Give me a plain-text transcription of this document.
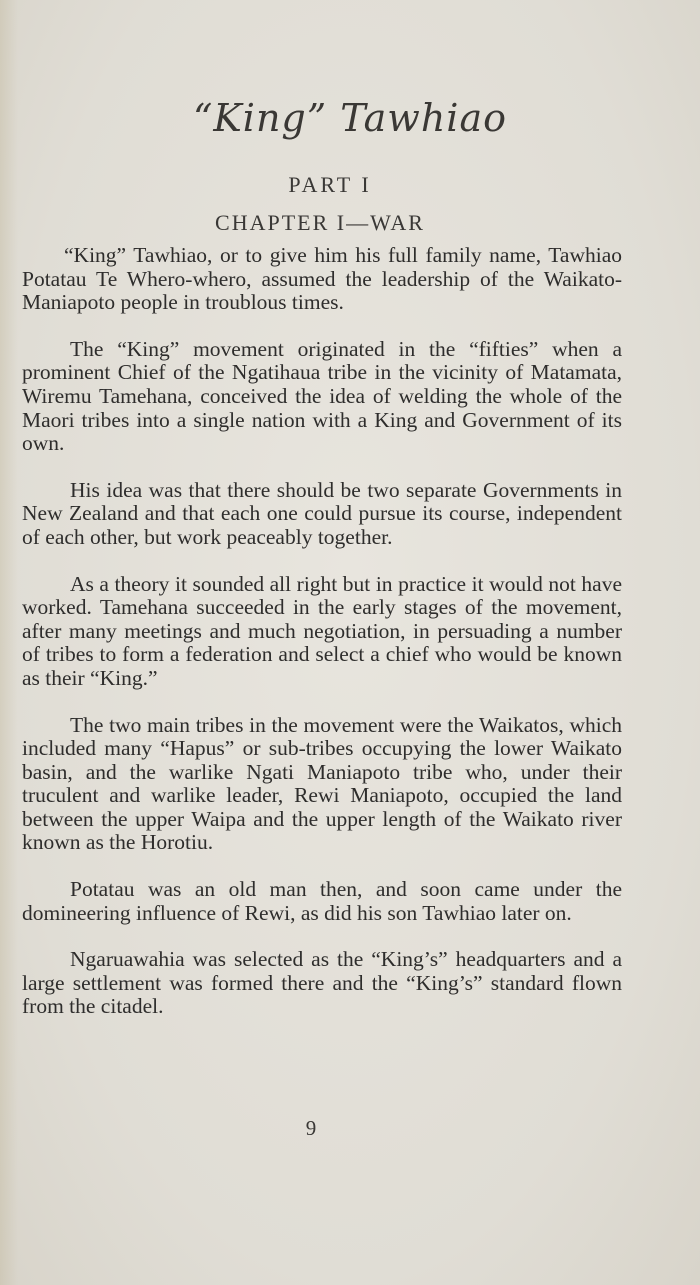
“King” Tawhiao
PART I
CHAPTER I—WAR

“King” Tawhiao, or to give him his full family name, Tawhiao Potatau Te Whero-whero, assumed the leadership of the Waikato-Maniapoto people in troublous times.

The “King” movement originated in the “fifties” when a prominent Chief of the Ngatihaua tribe in the vicinity of Matamata, Wiremu Tamehana, conceived the idea of welding the whole of the Maori tribes into a single nation with a King and Government of its own.

His idea was that there should be two separate Governments in New Zealand and that each one could pursue its course, independent of each other, but work peaceably together.

As a theory it sounded all right but in practice it would not have worked. Tamehana succeeded in the early stages of the movement, after many meetings and much negotiation, in persuading a number of tribes to form a federation and select a chief who would be known as their “King.”

The two main tribes in the movement were the Waikatos, which included many “Hapus” or sub-tribes occupying the lower Waikato basin, and the warlike Ngati Maniapoto tribe who, under their truculent and warlike leader, Rewi Maniapoto, occupied the land between the upper Waipa and the upper length of the Waikato river known as the Horotiu.

Potatau was an old man then, and soon came under the domineering influence of Rewi, as did his son Tawhiao later on.

Ngaruawahia was selected as the “King’s” headquarters and a large settlement was formed there and the “King’s” standard flown from the citadel.

9
